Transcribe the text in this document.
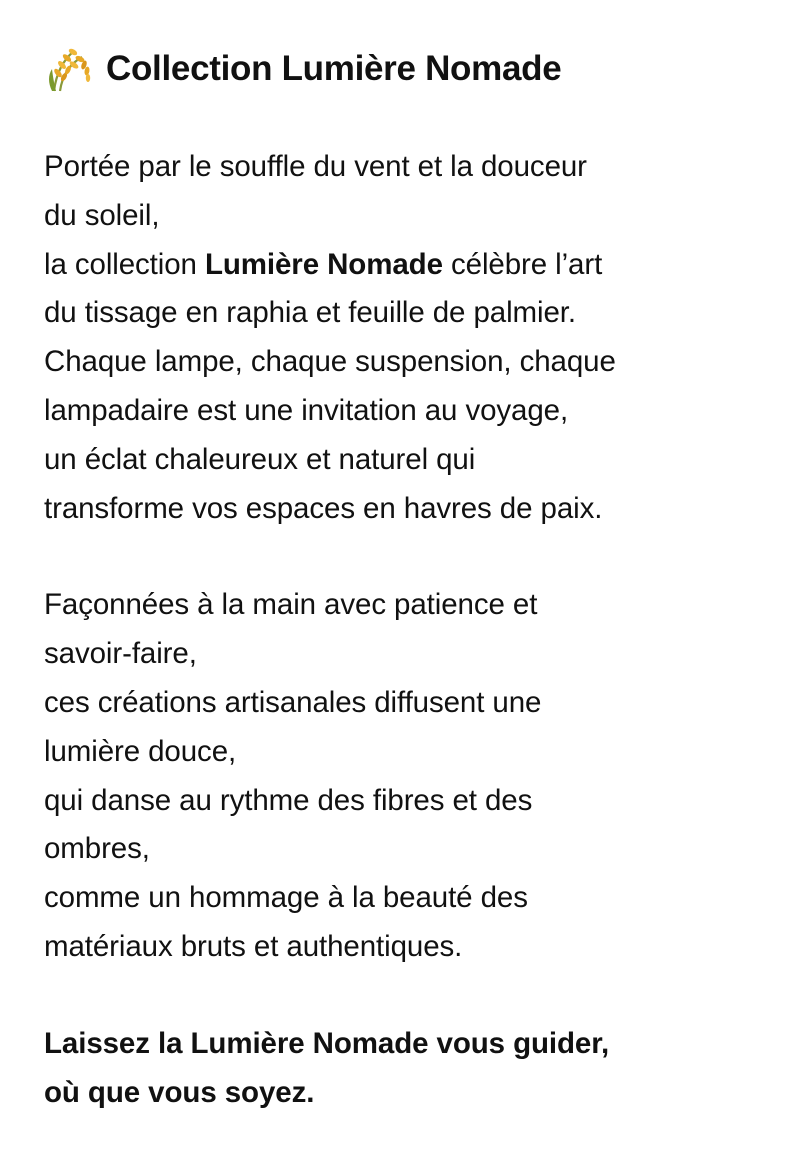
Collection Lumière Nomade

Portée par le souffle du vent et la douceur
du soleil,
la collection Lumière Nomade célèbre l’art
du tissage en raphia et feuille de palmier.
Chaque lampe, chaque suspension, chaque
lampadaire est une invitation au voyage,
un éclat chaleureux et naturel qui
transforme vos espaces en havres de paix.

Façonnées à la main avec patience et
savoir-faire,
ces créations artisanales diffusent une
lumière douce,
qui danse au rythme des fibres et des
ombres,
comme un hommage à la beauté des
matériaux bruts et authentiques.

Laissez la Lumière Nomade vous guider,
où que vous soyez.
